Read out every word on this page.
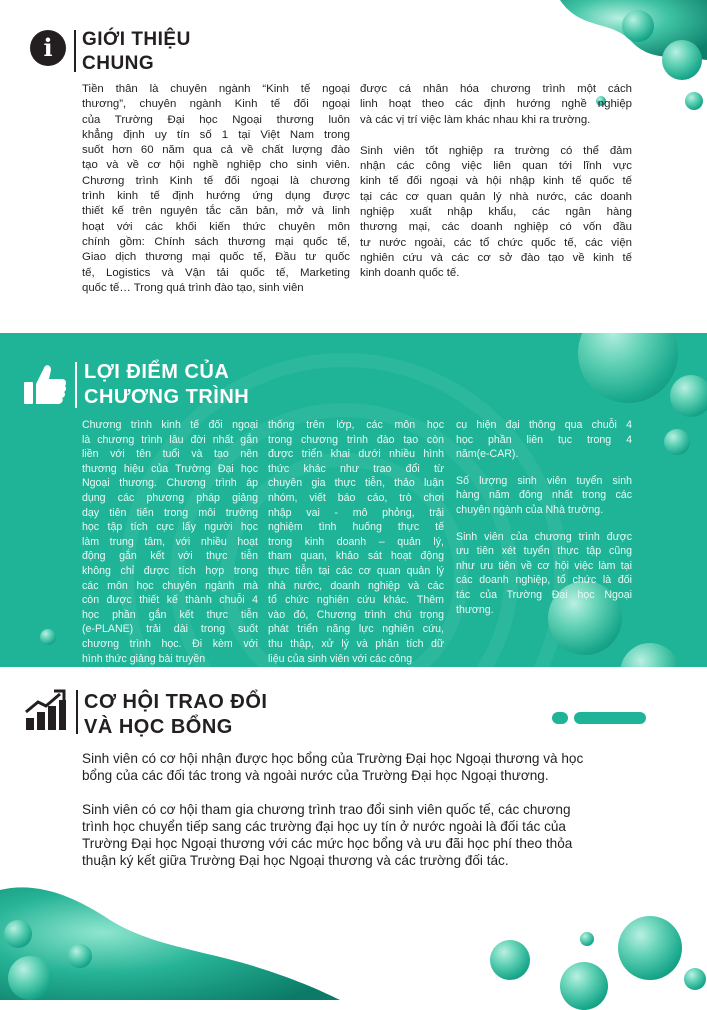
i	GIỚI THIỆU
CHUNG
Tiền thân là chuyên ngành “Kinh tế ngoại
thương”, chuyên ngành Kinh tế đối ngoại
của Trường Đại học Ngoại thương luôn
khẳng định uy tín số 1 tại Việt Nam trong
suốt hơn 60 năm qua cả về chất lượng đào
tạo và về cơ hội nghề nghiệp cho sinh viên.
Chương trình Kinh tế đối ngoại là chương
trình kinh tế định hướng ứng dụng được
thiết kế trên nguyên tắc căn bản, mở và linh
hoạt với các khối kiến thức chuyên môn
chính gồm: Chính sách thương mại quốc tế,
Giao dịch thương mại quốc tế, Đầu tư quốc
tế, Logistics và Vận tải quốc tế, Marketing
quốc tế… Trong quá trình đào tạo, sinh viên
được cá nhân hóa chương trình một cách
linh hoạt theo các định hướng nghề nghiệp
và các vị trí việc làm khác nhau khi ra trường.
Sinh viên tốt nghiệp ra trường có thể đảm
nhận các công việc liên quan tới lĩnh vực
kinh tế đối ngoại và hội nhập kinh tế quốc tế
tại các cơ quan quản lý nhà nước, các doanh
nghiệp xuất nhập khẩu, các ngân hàng
thương mại, các doanh nghiệp có vốn đầu
tư nước ngoài, các tổ chức quốc tế, các viện
nghiên cứu và các cơ sở đào tạo về kinh tế
kinh doanh quốc tế.
LỢI ĐIỂM CỦA
CHƯƠNG TRÌNH
Chương trình kinh tế đối ngoại
là chương trình lâu đời nhất gắn
liền với tên tuổi và tạo nên
thương hiệu của Trường Đại học
Ngoại thương. Chương trình áp
dụng các phương pháp giảng
dạy tiên tiến trong môi trường
học tập tích cực lấy người học
làm trung tâm, với nhiều hoạt
động gắn kết với thực tiễn
không chỉ được tích hợp trong
các môn học chuyên ngành mà
còn được thiết kế thành chuỗi 4
học phần gắn kết thực tiễn
(e-PLANE) trải dài trong suốt
chương trình học. Đi kèm với
hình thức giảng bài truyền
thống trên lớp, các môn học
trong chương trình đào tạo còn
được triển khai dưới nhiều hình
thức khác như trao đổi từ
chuyên gia thực tiễn, thảo luận
nhóm, viết báo cáo, trò chơi
nhập vai - mô phỏng, trải
nghiệm tình huống thực tế
trong kinh doanh – quản lý,
tham quan, khảo sát hoạt động
thực tiễn tại các cơ quan quản lý
nhà nước, doanh nghiệp và các
tổ chức nghiên cứu khác. Thêm
vào đó, Chương trình chú trọng
phát triển năng lực nghiên cứu,
thu thập, xử lý và phân tích dữ
liệu của sinh viên với các công
cụ hiện đại thông qua chuỗi 4
học phần liên tục trong 4
năm(e-CAR).
Số lượng sinh viên tuyển sinh
hàng năm đông nhất trong các
chuyên ngành của Nhà trường.
Sinh viên của chương trình được
ưu tiên xét tuyển thực tập cũng
như ưu tiên về cơ hội việc làm tại
các doanh nghiệp, tổ chức là đối
tác của Trường Đại học Ngoại
thương.
CƠ HỘI TRAO ĐỔI
VÀ HỌC BỔNG
Sinh viên có cơ hội nhận được học bổng của Trường Đại học Ngoại thương và học
bổng của các đối tác trong và ngoài nước của Trường Đại học Ngoại thương.
Sinh viên có cơ hội tham gia chương trình trao đổi sinh viên quốc tế, các chương
trình học chuyển tiếp sang các trường đại học uy tín ở nước ngoài là đối tác của
Trường Đại học Ngoại thương với các mức học bổng và ưu đãi học phí theo thỏa
thuận ký kết giữa Trường Đại học Ngoại thương và các trường đối tác.
